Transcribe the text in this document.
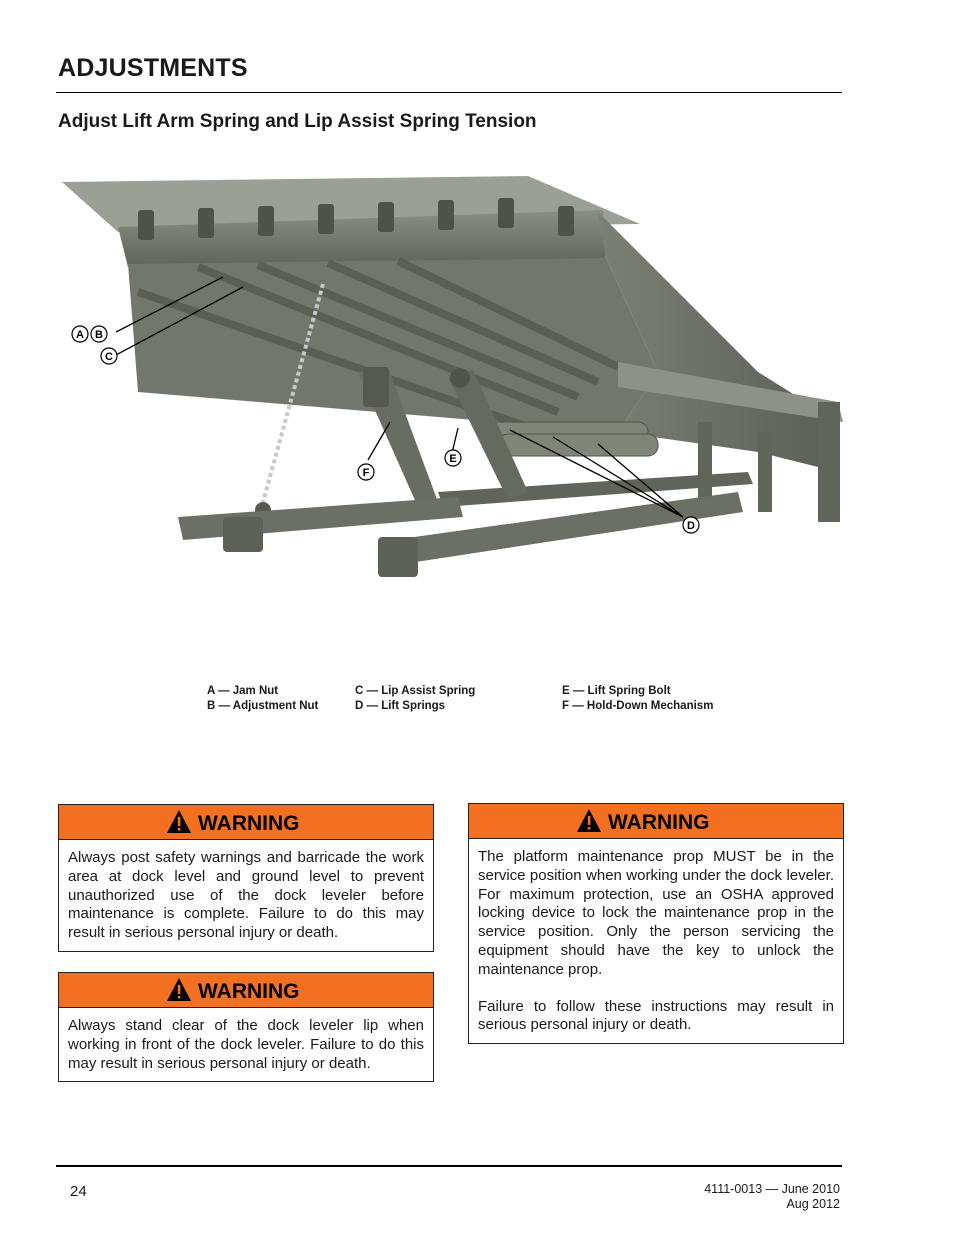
ADJUSTMENTS
Adjust Lift Arm Spring and Lip Assist Spring Tension
A B
C
D
E
F
A — Jam Nut
B — Adjustment Nut
C — Lip Assist Spring
D — Lift Springs
E — Lift Spring Bolt
F — Hold-Down Mechanism
WARNING

Always post safety warnings and barricade the work area at dock level and ground level to prevent unauthorized use of the dock leveler before maintenance is complete. Failure to do this may result in serious personal injury or death.

WARNING

Always stand clear of the dock leveler lip when working in front of the dock leveler. Failure to do this may result in serious personal injury or death.

WARNING

The platform maintenance prop MUST be in the service position when working under the dock leveler. For maximum protection, use an OSHA approved locking device to lock the maintenance prop in the service position. Only the person servicing the equipment should have the key to unlock the maintenance prop.

Failure to follow these instructions may result in serious personal injury or death.

24	4111-0013 — June 2010
Aug 2012
